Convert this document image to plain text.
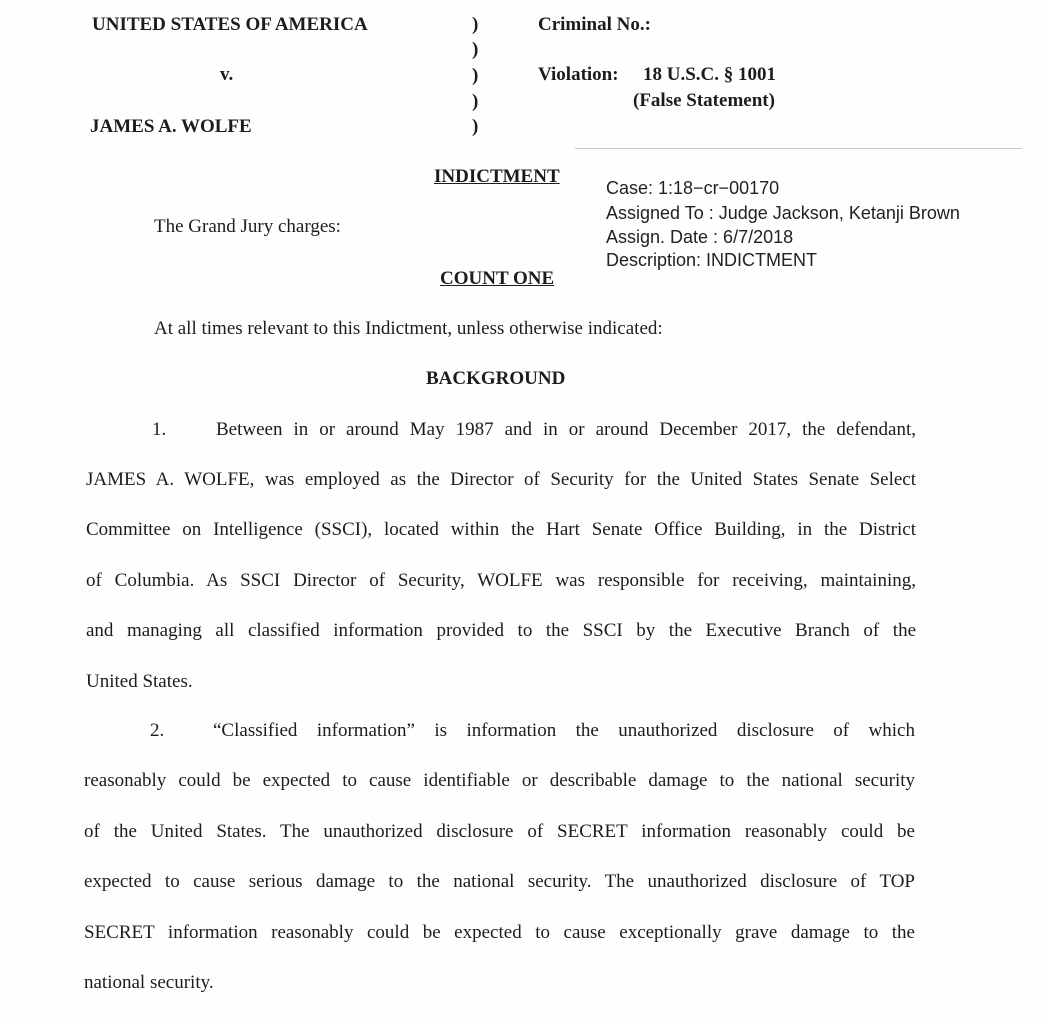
UNITED STATES OF AMERICA
v.
JAMES A. WOLFE
)
)
)
)
)
Criminal No.:
Violation: 18 U.S.C. § 1001
(False Statement)
INDICTMENT
Case: 1:18−cr−00170
Assigned To : Judge Jackson, Ketanji Brown
Assign. Date : 6/7/2018
Description: INDICTMENT
The Grand Jury charges:
COUNT ONE
At all times relevant to this Indictment, unless otherwise indicated:
BACKGROUND
1.	Between in or around May 1987 and in or around December 2017, the defendant,
JAMES A. WOLFE, was employed as the Director of Security for the United States Senate Select
Committee on Intelligence (SSCI), located within the Hart Senate Office Building, in the District
of Columbia. As SSCI Director of Security, WOLFE was responsible for receiving, maintaining,
and managing all classified information provided to the SSCI by the Executive Branch of the
United States.
2.	“Classified information” is information the unauthorized disclosure of which
reasonably could be expected to cause identifiable or describable damage to the national security
of the United States. The unauthorized disclosure of SECRET information reasonably could be
expected to cause serious damage to the national security. The unauthorized disclosure of TOP
SECRET information reasonably could be expected to cause exceptionally grave damage to the
national security.
